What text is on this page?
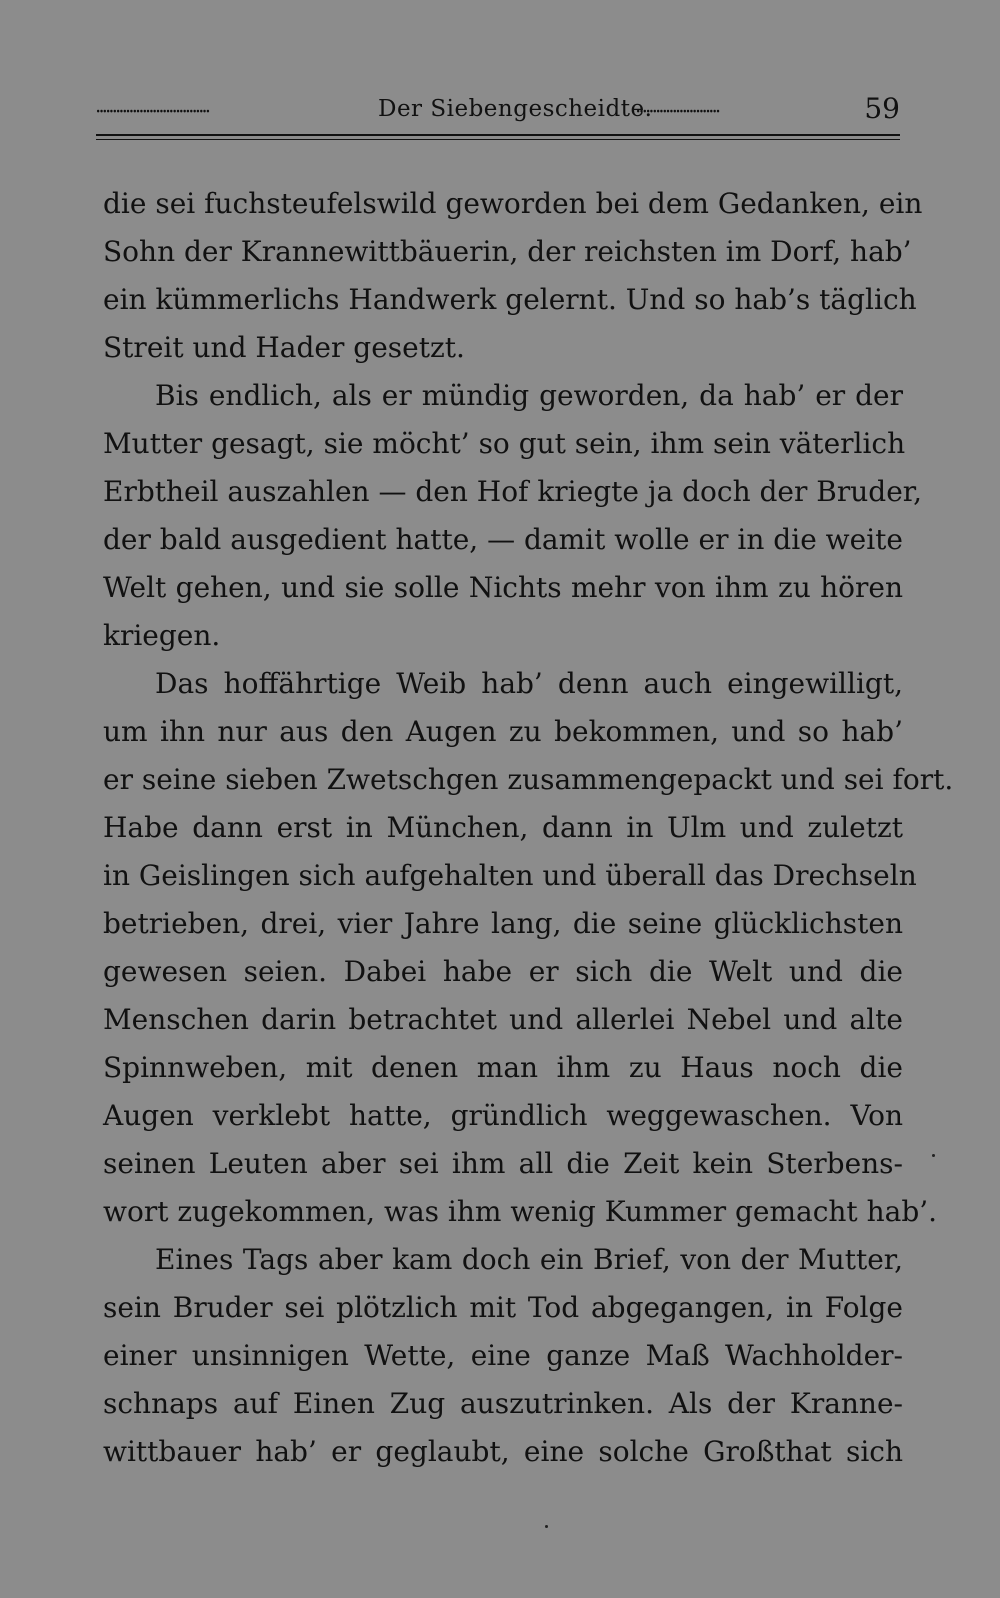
ꞏꞏꞏꞏꞏꞏꞏꞏꞏꞏꞏꞏꞏꞏꞏꞏꞏꞏꞏꞏꞏꞏꞏꞏꞏꞏꞏꞏꞏꞏꞏꞏꞏꞏ	Der Siebengescheidte.
ꞏꞏꞏꞏꞏꞏꞏꞏꞏꞏꞏꞏꞏꞏꞏꞏꞏꞏꞏꞏꞏꞏꞏꞏꞏ	59
die sei fuchsteufelswild geworden bei dem Gedanken, ein
Sohn der Krannewittbäuerin, der reichsten im Dorf, hab’
ein kümmerlichs Handwerk gelernt. Und so hab’s täglich
Streit und Hader gesetzt.
Bis endlich, als er mündig geworden, da hab’ er der
Mutter gesagt, sie möcht’ so gut sein, ihm sein väterlich
Erbtheil auszahlen — den Hof kriegte ja doch der Bruder,
der bald ausgedient hatte, — damit wolle er in die weite
Welt gehen, und sie solle Nichts mehr von ihm zu hören
kriegen.
Das hoffährtige Weib hab’ denn auch eingewilligt,
um ihn nur aus den Augen zu bekommen, und so hab’
er seine sieben Zwetschgen zusammengepackt und sei fort.
Habe dann erst in München, dann in Ulm und zuletzt
in Geislingen sich aufgehalten und überall das Drechseln
betrieben, drei, vier Jahre lang, die seine glücklichsten
gewesen seien. Dabei habe er sich die Welt und die
Menschen darin betrachtet und allerlei Nebel und alte
Spinnweben, mit denen man ihm zu Haus noch die
Augen verklebt hatte, gründlich weggewaschen. Von
seinen Leuten aber sei ihm all die Zeit kein Sterbens-
wort zugekommen, was ihm wenig Kummer gemacht hab’.
Eines Tags aber kam doch ein Brief, von der Mutter,
sein Bruder sei plötzlich mit Tod abgegangen, in Folge
einer unsinnigen Wette, eine ganze Maß Wachholder-
schnaps auf Einen Zug auszutrinken. Als der Kranne-
wittbauer hab’ er geglaubt, eine solche Großthat sich
